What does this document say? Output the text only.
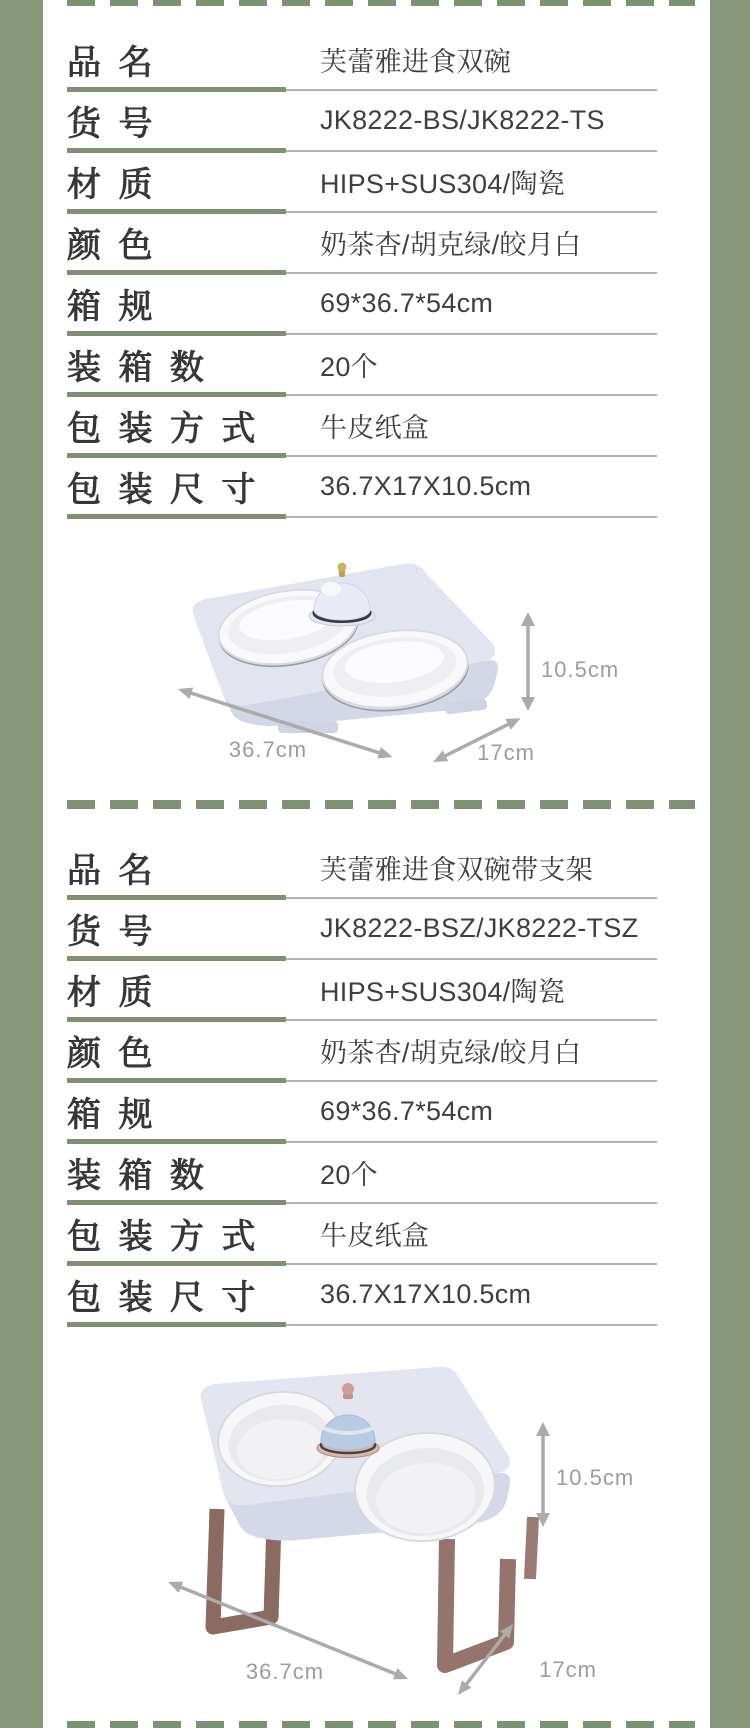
品 名	芙蕾雅进食双碗
货 号	JK8222-BS/JK8222-TS
材 质	HIPS+SUS304/陶瓷
颜 色	奶茶杏/胡克绿/皎月白
箱 规	69*36.7*54cm
装 箱 数	20个
包 装 方 式	牛皮纸盒
包 装 尺 寸	36.7X17X10.5cm
10.5cm
36.7cm	17cm
品 名	芙蕾雅进食双碗带支架
货 号	JK8222-BSZ/JK8222-TSZ
材 质	HIPS+SUS304/陶瓷
颜 色	奶茶杏/胡克绿/皎月白
箱 规	69*36.7*54cm
装 箱 数	20个
包 装 方 式	牛皮纸盒
包 装 尺 寸	36.7X17X10.5cm
10.5cm
36.7cm	17cm
